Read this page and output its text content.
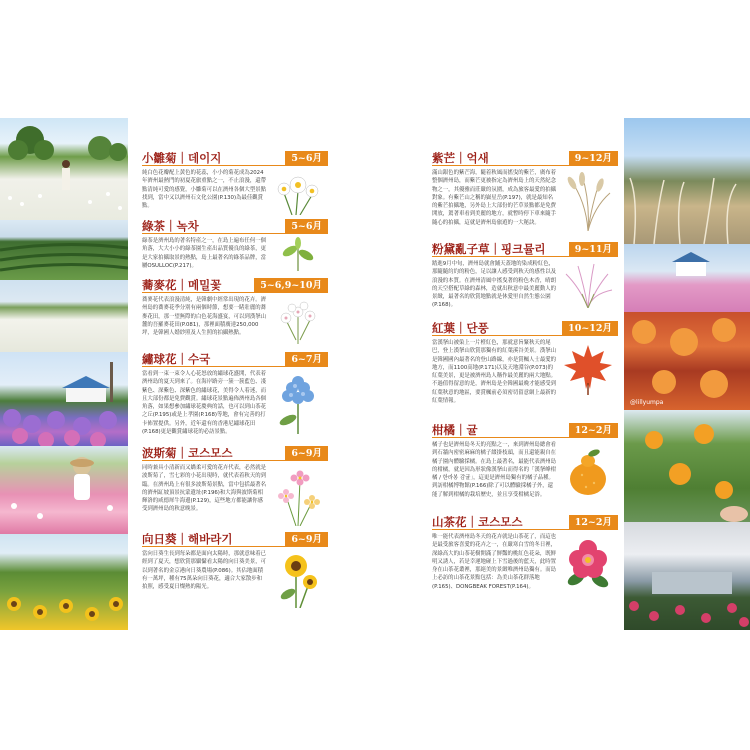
小雛菊｜데이지	5~6月
純白色花瓣配上黃色的花蕊，小小的菊花成為2024年濟州最熱門的初夏花旅重點之一，不止浪漫，還帶點清純可愛的感覺，小雛菊可以在濟州各個大型景點找到，當中又以濟州石文化公園(P.130)為最佳觀賞點。
綠茶｜녹차	5~6月
綠茶是濟州島的著名特產之一，在島上遍布任何一個角落，大大小小的綠茶園生產出品質優良的綠茶，更是大家拍攝取景的熱點，島上最著名的綠茶品牌，當屬OSULLOC(P.217)。
蕎麥花｜메밀꽃	5~6,9~10月
蕎麥花代表浪漫清純，是韓劇中經常出現的花卉。濟州島的蕎麥花季分別有兩個時節，想要一睹壯麗的蕎麥花田，那一望無際的白色花海盛宴，可以到漢拏山麓的吾羅麥花田(P.081)，那裡面積廣達250,000坪，是韓國人婚紗照及人生照的拍攝熱點。
繡球花｜수국	6~7月
當看到一束一束令人心花怒放的繡球花盛開，代表着濟州島的夏天到來了。在海岸路旁一簇一簇藍色、淺紫色、深紫色、深紫色的繡球花，美得令人着迷，而且大部份都是免費觀賞。繡球花景點遍佈濟州島各個角落，如果想參加繡球花慶典的話，也可以到山茶花之丘(P.195)或是上孝園(P.168)等地，會有完善的打卡佈置提供。另外，近年還有的香港尼繡球花田(P.168)更是觀賞繡球花的必訪景點。
波斯菊｜코스모스	6~9月
同時兼具小清新而又嬌柔可愛的花卉代表，必然就是波斯菊了，雪七彩的小花出現時，就代表着秋天的到臨。在濟州島上有很多波斯菊景點，當中包括最著名的濟州缸坡頂景抗蒙遺址(P.196)和大海與波斯菊相輝洛的咸德犀牛海邊(P.129)，這些地方都能讓你感受到濟州島的秋意晚景。
向日葵｜해바라기	6~9月
當向日葵生長到每朵都是面向太陽時，那就意味着已經到了夏天，想欣賞那懾懾看太陽的向日葵美景，可以到著名的金京港向日葵農場(P.086)。其佔地面積有一萬坪，種有75萬朵向日葵花，適合大家散步和拍照，感受夏日燦熱的陽光。
紫芒｜억새	9~12月
滿山銀色的紫芒海，隨着秋風而搖曳的紫芒，廣布着整個濟州島，而紫芒更被指定為濟州島上的天然紀念物之一，其優雅而莊嚴的氛圍，成為旅客最愛的拍攝對象。有紫芒山之稱的嶽星岳(P.197)，就是最知名的紫芒拍攝地，另外島上大部份的芒草景點都是免費開放，駕著車看到美麗的地方，就暫時停下車來隨手隨心的拍攝，這就是濟州島旅遊的一大秘訣。
粉黛亂子草｜핑크뮬리	9~11月
踏進9月中旬，濟州島就會鋪天蓋地的染成粉紅色，那隨隨約約的粉色，足以讓人感受到秋天的感性以及浪漫的本質。在濟州清風中搖曳著的粉色木香，晴朗的天空搭配草綠的森林，造就出秋意中最美麗動人的景緻，最著名的欣賞地點就是休愛里自然生態公園(P.168)。
紅葉｜단풍	10~12月
當漢拏山被染上一片橙紅色，那就意旨緊秋天的尾巴，登上漢拏山欣賞那獨有的紅葉溪谷美景。漢拏山是韓國國內最著名的登山路線，亦是賞楓人士最愛的地方，而1100高地(P.171)以及天地淵谷(P.073)的紅葉美景，更是被濟州島人稱作最美麗的兩大地點。不過值得留意的是，濟州島是全韓國最晚才能感受到紅葉秋意的地區，要賞楓前必須密切留意網上最新的紅葉情報。
柑橘｜귤	12~2月
橘子也是濟州島冬天的亮點之一，來到濟州島總會看到石牆內密密麻麻的橘子綴掛枝頭，而且還能親自在橘子園內體驗採橘。在島上最著名，最能代表濟州島的柑橘，就是因為形狀像漢拏山而得名的「漢拏峰柑橘 / 한라봉 감귤」，這更是濟州島獨有的橘子品種。到訪柑橘博物館(P.166)除了可以體驗採橘子外，還能了解到柑橘的栽培歷史，並且享受柑橘足浴。
山茶花｜코스모스	12~2月
唯一能代表濟州島冬天的花卉就是山茶花了，而這也是最受旅客喜愛的花卉之一，在嚴寒白雪的冬日裡，深綠高大的山茶花樹開滿了鮮豔的桃紅色花朵，既鮮明又誘人，若是幸運地碰上下雪過後的藍天，此時置身在山茶花叢裡，那絕美的景緻唯濟州島獨有。而島上必訪的山茶花景點包括：為美山茶花群落地(P.165)、DONGBEAK FOREST(P.164)。
@lillyumpa
